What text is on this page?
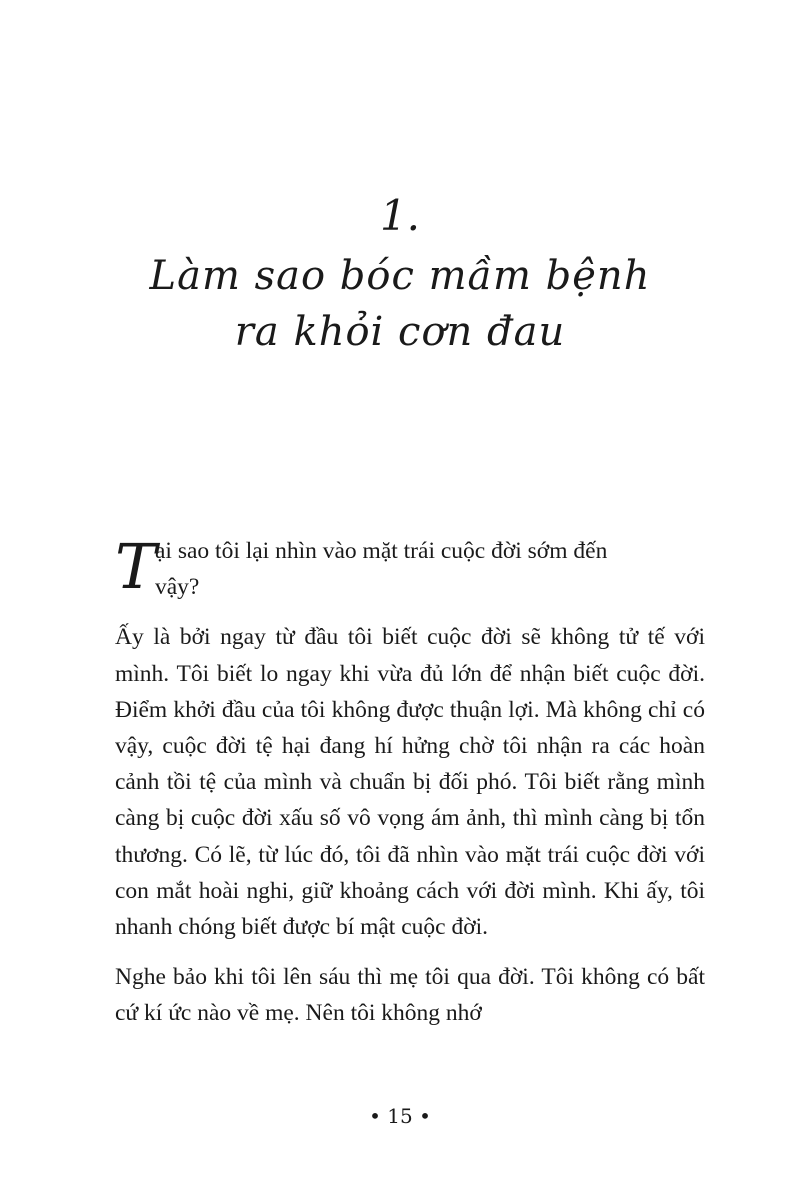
1.
Làm sao bóc mầm bệnh
ra khỏi cơn đau

T
ại sao tôi lại nhìn vào mặt trái cuộc đời sớm đến
vậy?

Ấy là bởi ngay từ đầu tôi biết cuộc đời sẽ không tử tế với mình. Tôi biết lo ngay khi vừa đủ lớn để nhận biết cuộc đời. Điểm khởi đầu của tôi không được thuận lợi. Mà không chỉ có vậy, cuộc đời tệ hại đang hí hửng chờ tôi nhận ra các hoàn cảnh tồi tệ của mình và chuẩn bị đối phó. Tôi biết rằng mình càng bị cuộc đời xấu số vô vọng ám ảnh, thì mình càng bị tổn thương. Có lẽ, từ lúc đó, tôi đã nhìn vào mặt trái cuộc đời với con mắt hoài nghi, giữ khoảng cách với đời mình. Khi ấy, tôi nhanh chóng biết được bí mật cuộc đời.

Nghe bảo khi tôi lên sáu thì mẹ tôi qua đời. Tôi không có bất cứ kí ức nào về mẹ. Nên tôi không nhớ

• 15 •
